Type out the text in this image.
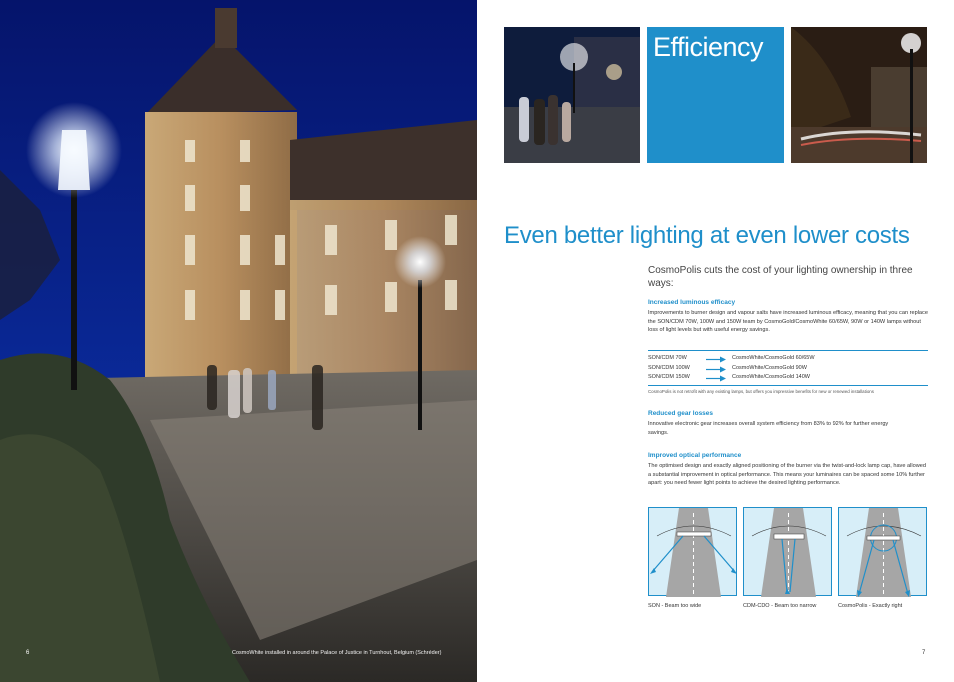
6	CosmoWhite installed in around the Palace of Justice in Turnhout, Belgium (Schréder)
Efficiency
Even better lighting at even lower costs
CosmoPolis cuts the cost of your lighting ownership in three ways:
Increased luminous efficacy
Improvements to burner design and vapour salts have increased luminous efficacy, meaning that you can replace the SON/CDM 70W, 100W and 150W team by CosmoGold/CosmoWhite 60/65W, 90W or 140W lamps without loss of light levels but with useful energy savings.
SON/CDM 70W	CosmoWhite/CosmoGold 60/65W
SON/CDM 100W	CosmoWhite/CosmoGold 90W
SON/CDM 150W	CosmoWhite/CosmoGold 140W
CosmoPolis is not retrofit with any existing lamps, but offers you impressive benefits for new or renewed installations
Reduced gear losses
Innovative electronic gear increases overall system efficiency from 83% to 92% for further energy savings.
Improved optical performance
The optimised design and exactly aligned positioning of the burner via the twist-and-lock lamp cap, have allowed a substantial improvement in optical performance. This means your luminaires can be spaced some 10% further apart: you need fewer light points to achieve the desired lighting performance.
SON - Beam too wide	CDM-CDO - Beam too narrow	CosmoPolis - Exactly right
7
